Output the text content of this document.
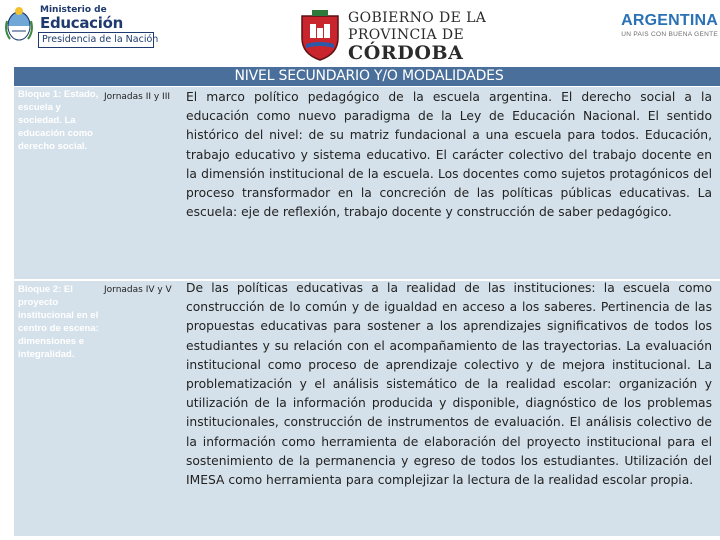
Ministerio de
Educación
Presidencia de la Nación
GOBIERNO DE LA
PROVINCIA DE
CÓRDOBA
ARGENTINA
UN PAIS CON BUENA GENTE
NIVEL SECUNDARIO Y/O MODALIDADES
Bloque 1: Estado, escuela y sociedad. La educación como derecho social.
Jornadas II y III	El marco político pedagógico de la escuela argentina. El derecho social a la educación como nuevo paradigma de la Ley de Educación Nacional. El sentido histórico del nivel: de su matriz fundacional a una escuela para todos. Educación, trabajo educativo y sistema educativo. El carácter colectivo del trabajo docente en la dimensión institucional de la escuela. Los docentes como sujetos protagónicos del proceso transformador en la concreción de las políticas públicas educativas. La escuela: eje de reflexión, trabajo docente y construcción de saber pedagógico.
Bloque 2: El proyecto institucional en el centro de escena: dimensiones e integralidad.
Jornadas IV y V	De las políticas educativas a la realidad de las instituciones: la escuela como construcción de lo común y de igualdad en acceso a los saberes. Pertinencia de las propuestas educativas para sostener a los aprendizajes significativos de todos los estudiantes y su relación con el acompañamiento de las trayectorias. La evaluación institucional como proceso de aprendizaje colectivo y de mejora institucional. La problematización y el análisis sistemático de la realidad escolar: organización y utilización de la información producida y disponible, diagnóstico de los problemas institucionales, construcción de instrumentos de evaluación. El análisis colectivo de la información como herramienta de elaboración del proyecto institucional para el sostenimiento de la permanencia y egreso de todos los estudiantes. Utilización del IMESA como herramienta para complejizar la lectura de la realidad escolar propia.
